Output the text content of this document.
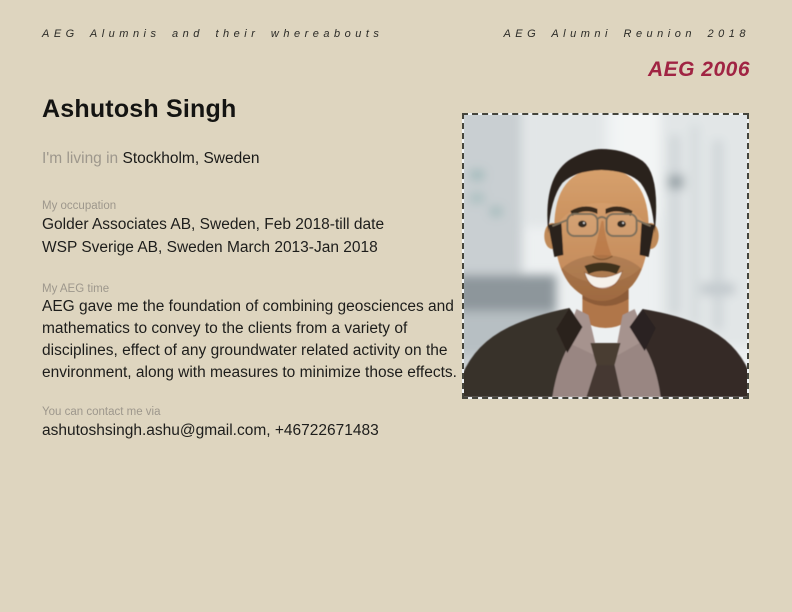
AEG Alumnis and their whereabouts	AEG Alumni Reunion 2018
AEG 2006
Ashutosh Singh
I'm living in Stockholm, Sweden
My occupation
Golder Associates AB, Sweden, Feb 2018-till date
WSP Sverige AB, Sweden March 2013-Jan 2018
My AEG time
AEG gave me the foundation of combining geosciences and
mathematics to convey to the clients from a variety of
disciplines, effect of any groundwater related activity on the
environment, along with measures to minimize those effects.
You can contact me via
ashutoshsingh.ashu@gmail.com, +46722671483
